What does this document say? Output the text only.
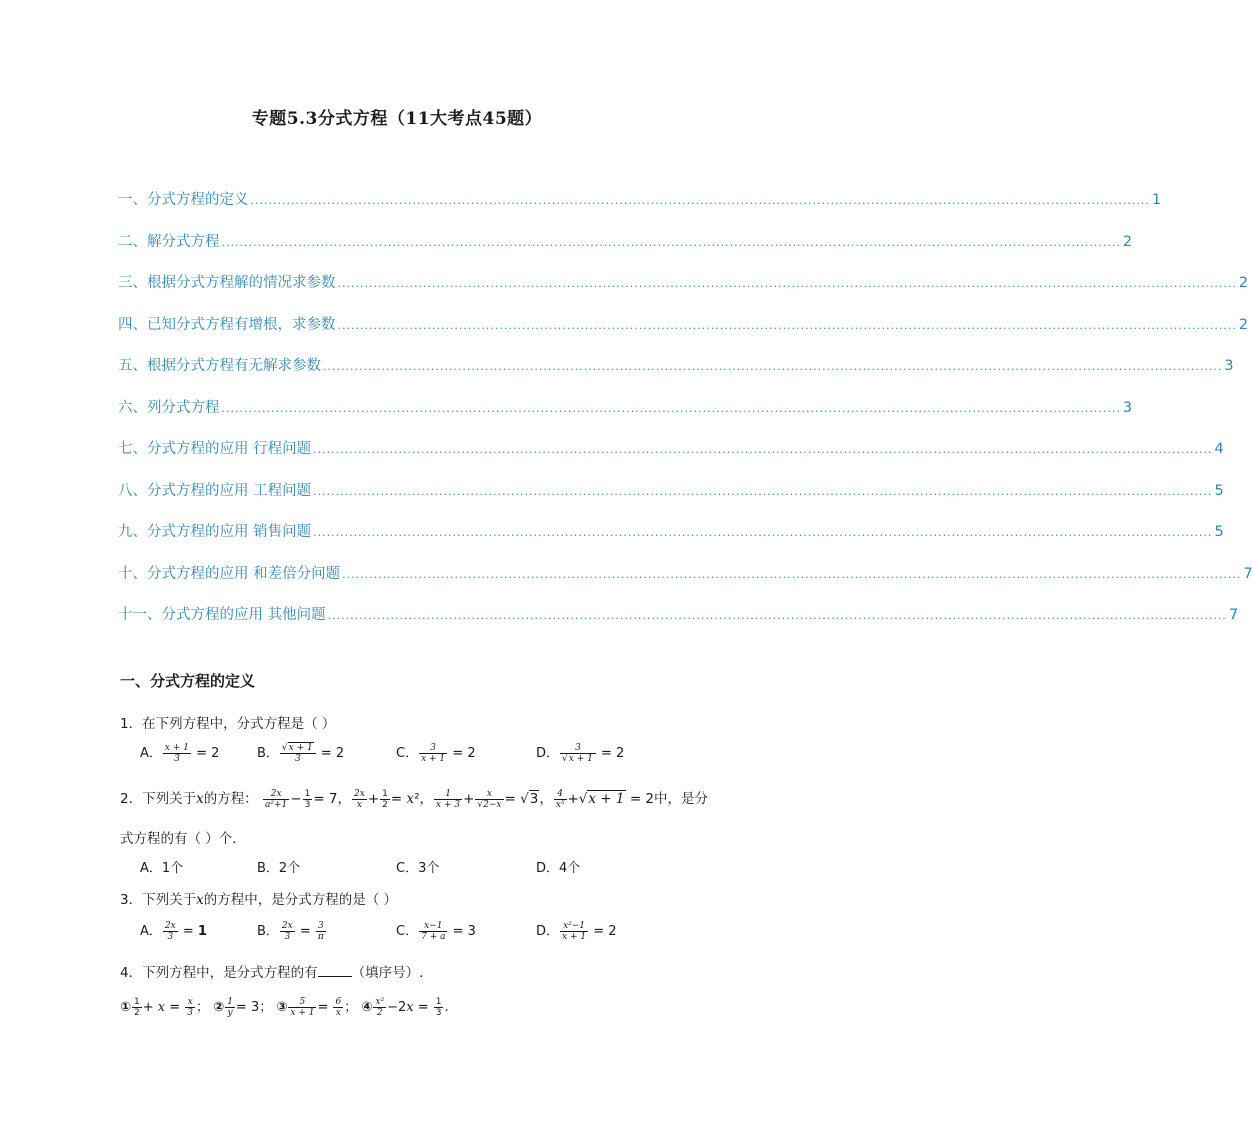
专题5.3分式方程（11大考点45题）
一、分式方程的定义 ........................................................................................................................................................................................................ 1
二、解分式方程 ........................................................................................................................................................................................................ 2
三、根据分式方程解的情况求参数 ........................................................................................................................................................................................................ 2
四、已知分式方程有增根，求参数 ........................................................................................................................................................................................................ 2
五、根据分式方程有无解求参数 ........................................................................................................................................................................................................ 3
六、列分式方程 ........................................................................................................................................................................................................ 3
七、分式方程的应用 行程问题 ........................................................................................................................................................................................................ 4
八、分式方程的应用 工程问题 ........................................................................................................................................................................................................ 5
九、分式方程的应用 销售问题 ........................................................................................................................................................................................................ 5
十、分式方程的应用 和差倍分问题 ........................................................................................................................................................................................................ 7
十一、分式方程的应用 其他问题 ........................................................................................................................................................................................................ 7
一、分式方程的定义
1．在下列方程中，分式方程是（ ）
A． $\frac{x + 1}{3} = 2$	B． $\frac{√x + 1}{3} = 2$	C． $\frac{3}{x + 1} = 2$	D． $\frac{3}{√x + 1} = 2$
2．下列关于x的方程： $\frac{2x}{\text{a²+1}} - \frac{1}{3} = 7$， $\frac{2x}{x} + \frac{1}{2} = x^2$， $\frac{1}{x + 3} + \frac{x}{√2-x} = √3$， $\frac{4}{\text{x⁵}} +√x + 1 = 2$中，是分
式方程的有（ ）个．
A．1个	B．2个	C．3个	D．4个
3．下列关于x的方程中，是分式方程的是（ ）
A． $\frac{2x}{3} = 1$	B． $\frac{2x}{3} = \frac{3}{\pi}$	C． $\frac{x-1}{7 + a} = 3$	D． $\frac{\text{x²−1}}{x + 1} = 2$
4．下列方程中，是分式方程的有	（填序号）.
① $\frac{1}{2} + x = \frac{x}{3}$ ； ② $\frac{1}{y} = 3$； ③ $\frac{5}{x + 1} = \frac{6}{x}$ ； ④ $\frac{\text{x²}}{2} -2x = \frac{1}{3}$ .
